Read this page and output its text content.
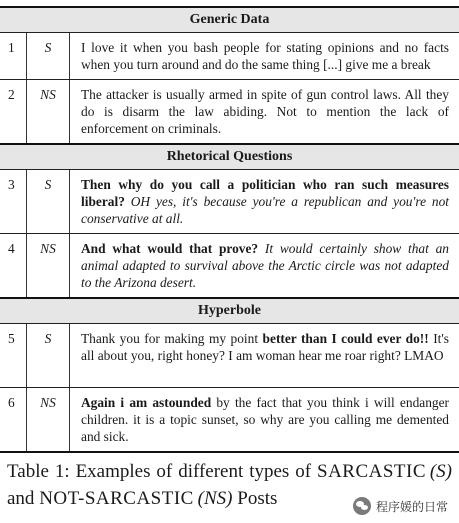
Generic Data
1	S	I love it when you bash people for stating opinions and no facts when you turn around and do the same thing [...] give me a break
2	NS	The attacker is usually armed in spite of gun control laws. All they do is disarm the law abiding. Not to mention the lack of enforcement on criminals.
Rhetorical Questions
3	S	Then why do you call a politician who ran such measures liberal? OH yes, it's because you're a republican and you're not conservative at all.
4	NS	And what would that prove? It would certainly show that an animal adapted to survival above the Arctic circle was not adapted to the Arizona desert.
Hyperbole
5	S	Thank you for making my point better than I could ever do!! It's all about you, right honey? I am woman hear me roar right? LMAO
6	NS	Again i am astounded by the fact that you think i will endanger children. it is a topic sunset, so why are you calling me demented and sick.
Table 1: Examples of different types of SARCASTIC  (S) and NOT-SARCASTIC  (NS) Posts	程序媛的日常
